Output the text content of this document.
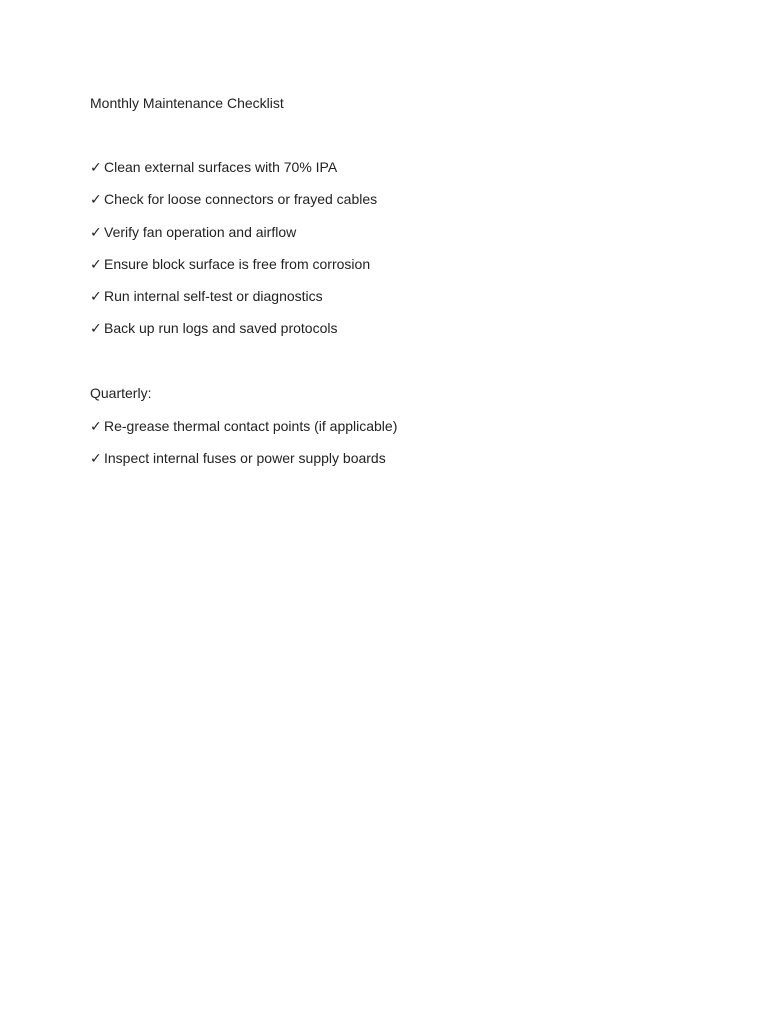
Monthly Maintenance Checklist
✓ Clean external surfaces with 70% IPA
✓ Check for loose connectors or frayed cables
✓ Verify fan operation and airflow
✓ Ensure block surface is free from corrosion
✓ Run internal self-test or diagnostics
✓ Back up run logs and saved protocols
Quarterly:
✓ Re-grease thermal contact points (if applicable)
✓ Inspect internal fuses or power supply boards
